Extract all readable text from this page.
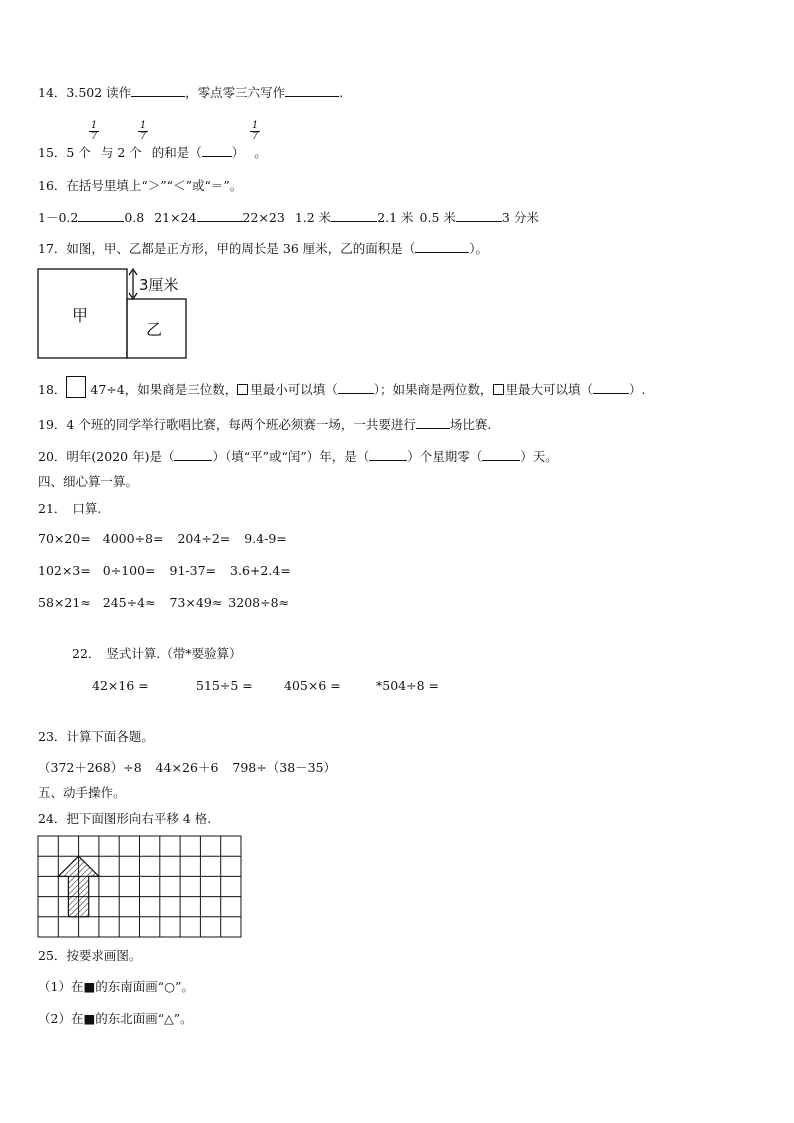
14．3.502 读作	，零点零三六写作	.
$\frac{1}{7}$	$\frac{1}{7}$	$\frac{1}{7}$
15．5 个 与 2 个 的和是（ ） 。
16．在括号里填上“＞”“＜”或“＝”。
1－0.2	0.8 21×24	22×23 1.2 米	2.1 米 0.5 米	3 分米
17．如图，甲、乙都是正方形，甲的周长是 36 厘米，乙的面积是（	）。
3厘米
甲
乙
18． 47÷4，如果商是三位数， 里最小可以填（	）；如果商是两位数， 里最大可以填（	）.
19．4 个班的同学举行歌唱比赛，每两个班必须赛一场，一共要进行	场比赛.
20．明年(2020 年)是（	）（填“平”或“闰”）年，是（	）个星期零（	）天。
四、细心算一算。
21． 口算.
70×20= 4000÷8= 204÷2= 9.4-9=
102×3= 0÷100= 91-37= 3.6+2.4=
58×21≈ 245÷4≈ 73×49≈ 3208÷8≈
22． 竖式计算.（带*要验算）
42×16 =	515÷5 =	405×6 =	*504÷8 =
23．计算下面各题。
（372＋268）÷8 44×26＋6 798÷（38－35）
五、动手操作。
24．把下面图形向右平移 4 格.
25．按要求画图。
（1）在■的东南面画“○”。
（2）在■的东北面画“△”。
